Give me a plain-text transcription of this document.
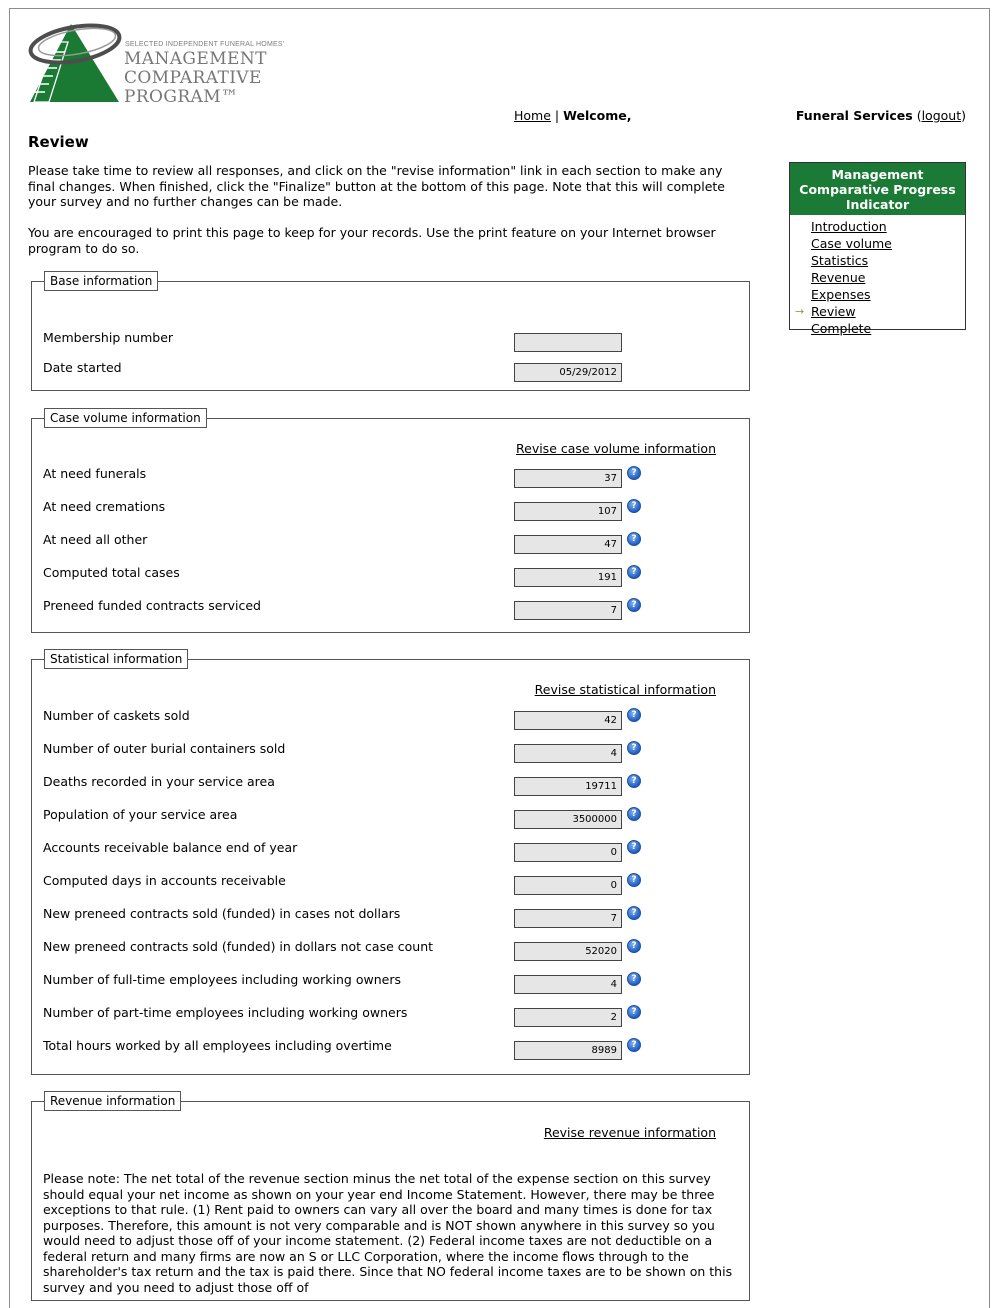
SELECTED INDEPENDENT FUNERAL HOMES'
MANAGEMENT
COMPARATIVE
PROGRAM™
Home | Welcome,	Funeral Services (logout)
Review

Please take time to review all responses, and click on the "revise information" link in each section to make any final changes. When finished, click the "Finalize" button at the bottom of this page. Note that this will complete your survey and no further changes can be made.

You are encouraged to print this page to keep for your records. Use the print feature on your Internet browser program to do so.

Base information
Membership number
Date started	05/29/2012
Case volume information
Revise case volume information
At need funerals	37	?
At need cremations	107	?
At need all other	47	?
Computed total cases	191	?
Preneed funded contracts serviced	7	?
Statistical information
Revise statistical information
Number of caskets sold	42	?
Number of outer burial containers sold	4	?
Deaths recorded in your service area	19711	?
Population of your service area	3500000	?
Accounts receivable balance end of year	0	?
Computed days in accounts receivable	0	?
New preneed contracts sold (funded) in cases not dollars	7	?
New preneed contracts sold (funded) in dollars not case count	52020	?
Number of full-time employees including working owners	4	?
Number of part-time employees including working owners	2	?
Total hours worked by all employees including overtime	8989	?
Revenue information
Revise revenue information

Please note: The net total of the revenue section minus the net total of the expense section on this survey should equal your net income as shown on your year end Income Statement. However, there may be three exceptions to that rule. (1) Rent paid to owners can vary all over the board and many times is done for tax purposes. Therefore, this amount is not very comparable and is NOT shown anywhere in this survey so you would need to adjust those off of your income statement. (2) Federal income taxes are not deductible on a federal return and many firms are now an S or LLC Corporation, where the income flows through to the shareholder's tax return and the tax is paid there. Since that NO federal income taxes are to be shown on this survey and you need to adjust those off of

Management Comparative Progress Indicator
Introduction
Case volume
Statistics
Revenue
Expenses
→ Review
Complete
